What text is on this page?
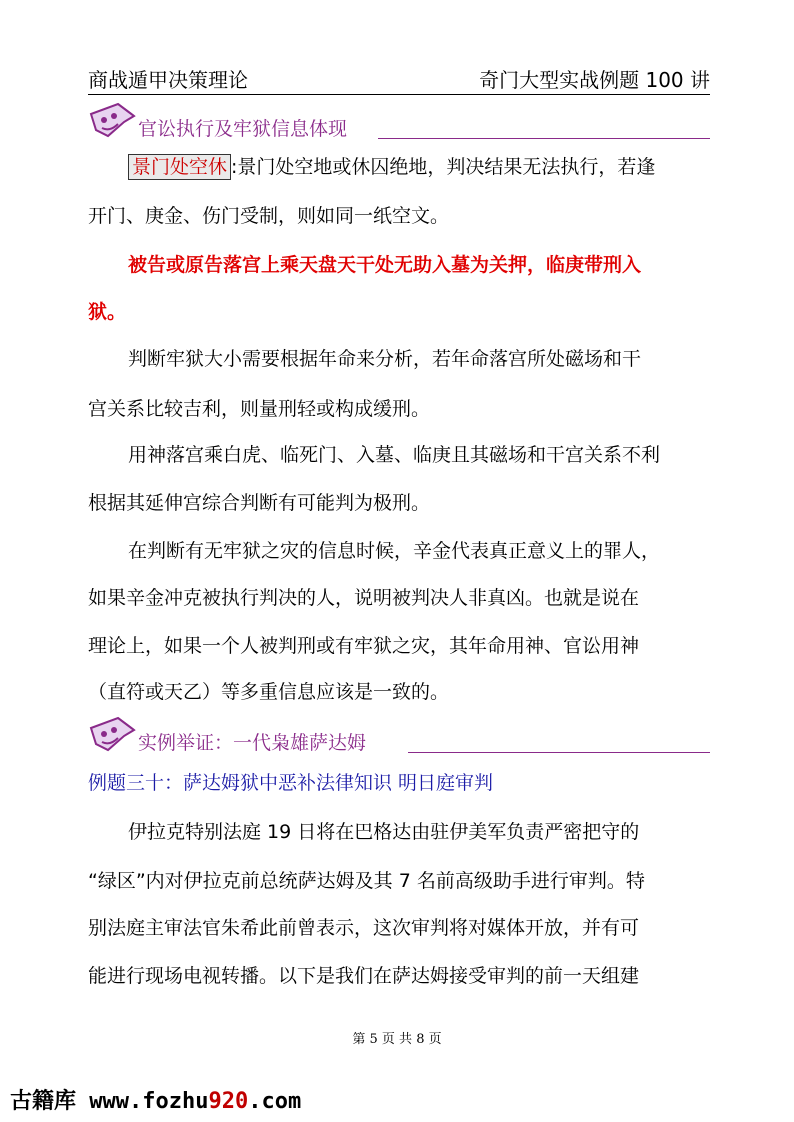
商战遁甲决策理论	奇门大型实战例题 100 讲
官讼执行及牢狱信息体现
景门处空休 :景门处空地或休囚绝地，判决结果无法执行，若逢
开门、庚金、伤门受制，则如同一纸空文。
被告或原告落宫上乘天盘天干处无助入墓为关押，临庚带刑入
狱。
判断牢狱大小需要根据年命来分析，若年命落宫所处磁场和干
宫关系比较吉利，则量刑轻或构成缓刑。
用神落宫乘白虎、临死门、入墓、临庚且其磁场和干宫关系不利
根据其延伸宫综合判断有可能判为极刑。
在判断有无牢狱之灾的信息时候，辛金代表真正意义上的罪人，
如果辛金冲克被执行判决的人，说明被判决人非真凶。也就是说在
理论上，如果一个人被判刑或有牢狱之灾，其年命用神、官讼用神
（直符或天乙）等多重信息应该是一致的。
实例举证：一代枭雄萨达姆
例题三十：萨达姆狱中恶补法律知识 明日庭审判
伊拉克特别法庭 19 日将在巴格达由驻伊美军负责严密把守的
“绿区”内对伊拉克前总统萨达姆及其 7 名前高级助手进行审判。特
别法庭主审法官朱希此前曾表示，这次审判将对媒体开放，并有可
能进行现场电视转播。以下是我们在萨达姆接受审判的前一天组建
第 5 页 共 8 页
古籍库 www.fozhu920.com
